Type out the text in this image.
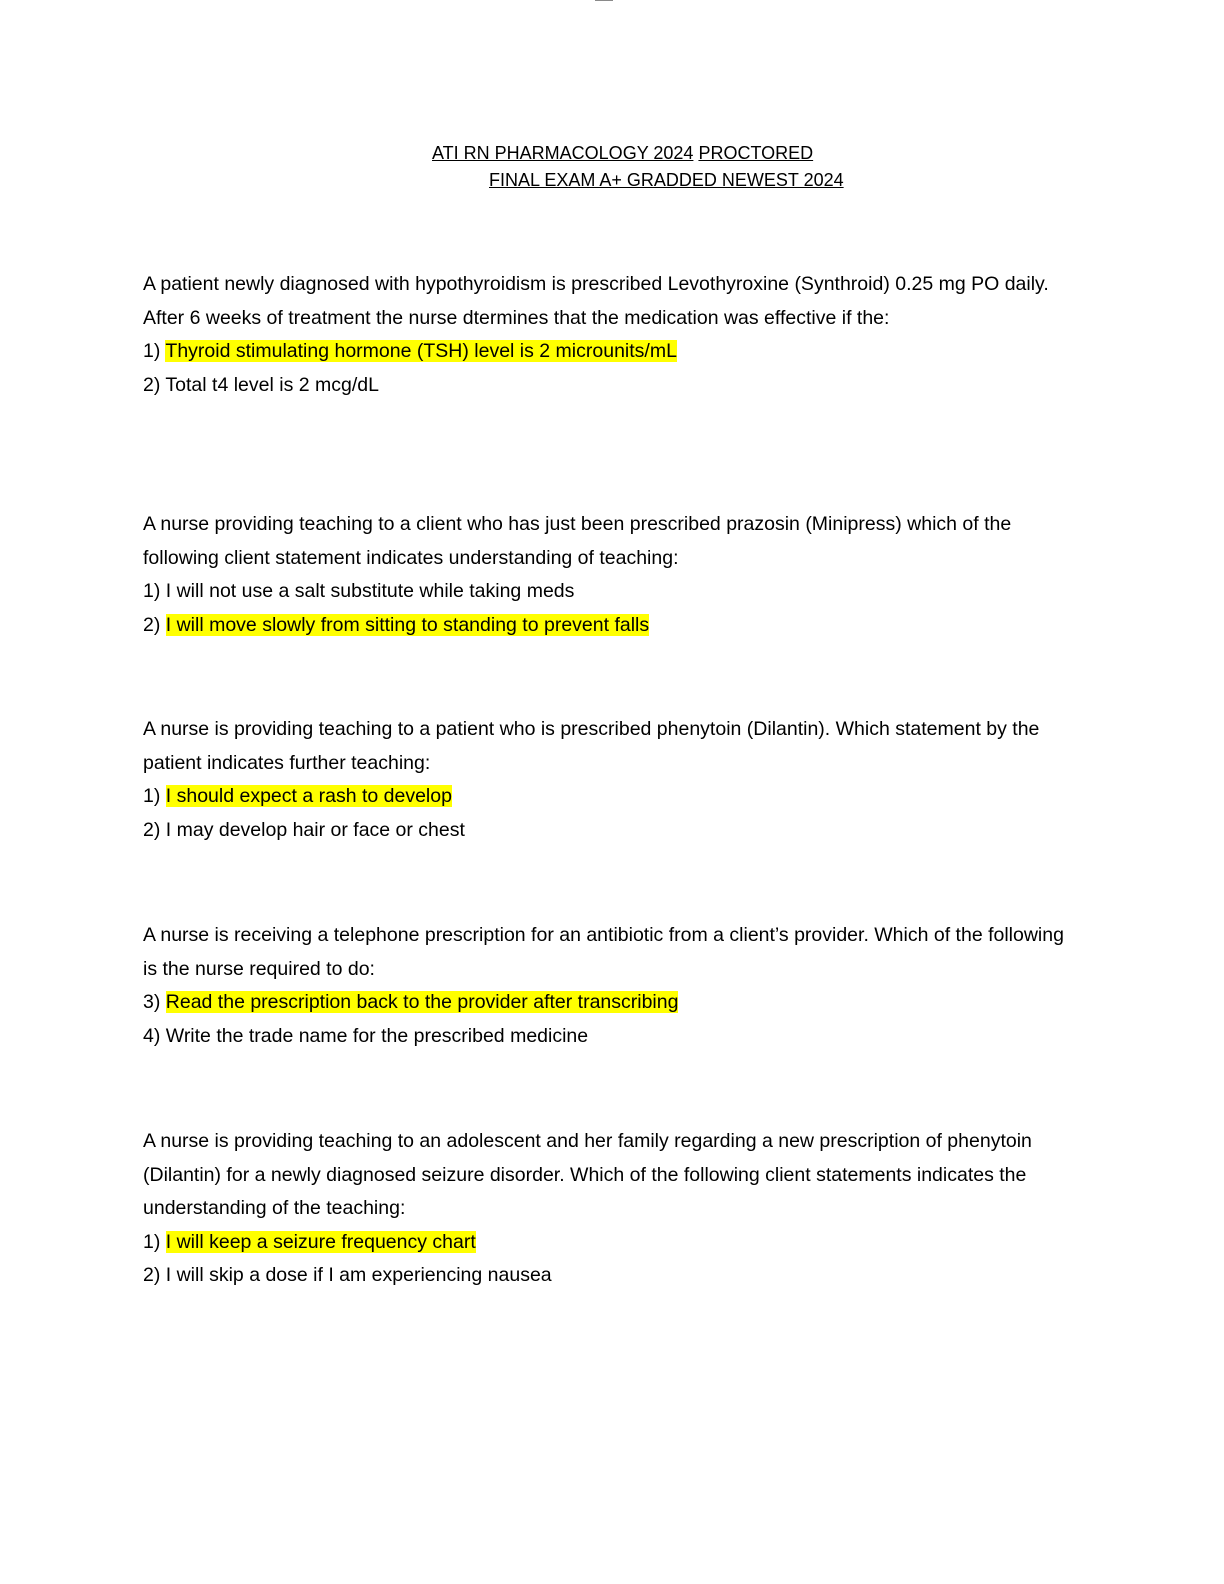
ATI RN PHARMACOLOGY 2024 PROCTORED
FINAL EXAM A+ GRADDED NEWEST 2024

A patient newly diagnosed with hypothyroidism is prescribed Levothyroxine (Synthroid) 0.25 mg PO daily. After 6 weeks of treatment the nurse dtermines that the medication was effective if the:

1) Thyroid stimulating hormone (TSH) level is 2 microunits/mL

2) Total t4 level is 2 mcg/dL

A nurse providing teaching to a client who has just been prescribed prazosin (Minipress) which of the following client statement indicates understanding of teaching:

1) I will not use a salt substitute while taking meds

2) I will move slowly from sitting to standing to prevent falls

A nurse is providing teaching to a patient who is prescribed phenytoin (Dilantin). Which statement by the patient indicates further teaching:

1) I should expect a rash to develop

2) I may develop hair or face or chest

A nurse is receiving a telephone prescription for an antibiotic from a client’s provider. Which of the following is the nurse required to do:

3) Read the prescription back to the provider after transcribing

4) Write the trade name for the prescribed medicine

A nurse is providing teaching to an adolescent and her family regarding a new prescription of phenytoin (Dilantin) for a newly diagnosed seizure disorder. Which of the following client statements indicates the understanding of the teaching:

1) I will keep a seizure frequency chart

2) I will skip a dose if I am experiencing nausea
